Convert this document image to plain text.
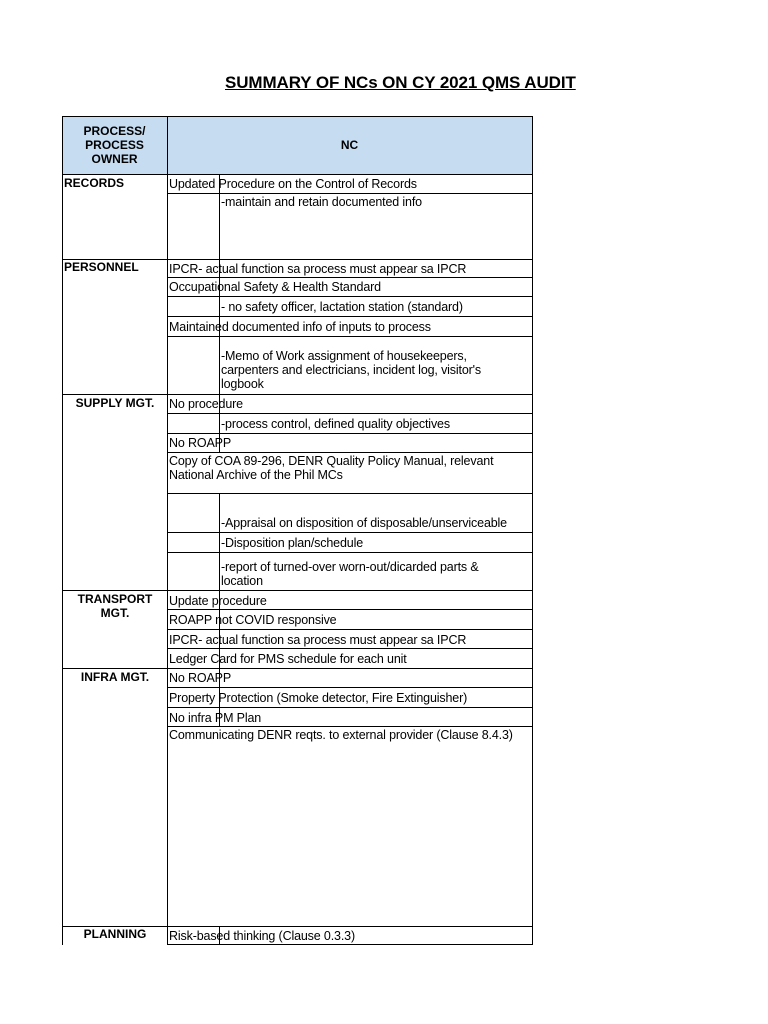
SUMMARY OF NCs ON CY 2021 QMS AUDIT
PROCESS/
PROCESS OWNER
NC
RECORDS
PERSONNEL
SUPPLY MGT.
TRANSPORT
MGT.
INFRA MGT.
PLANNING
Updated Procedure on the Control of Records
-maintain and retain documented info
IPCR- actual function sa process must appear sa IPCR
Occupational Safety & Health Standard
- no safety officer, lactation station (standard)
Maintained documented info of inputs to process
-Memo of Work assignment of housekeepers, carpenters and electricians, incident log, visitor's logbook
No procedure
-process control, defined quality objectives
No ROAPP
Copy of COA 89-296, DENR Quality Policy Manual, relevant National Archive of the Phil MCs
-Appraisal on disposition of disposable/unserviceable
-Disposition plan/schedule
-report of turned-over worn-out/dicarded parts & location
Update procedure
ROAPP not COVID responsive
IPCR- actual function sa process must appear sa IPCR
Ledger Card for PMS schedule for each unit
No ROAPP
Property Protection (Smoke detector, Fire Extinguisher)
No infra PM Plan
Communicating DENR reqts. to external provider (Clause 8.4.3)
Risk-based thinking (Clause 0.3.3)
